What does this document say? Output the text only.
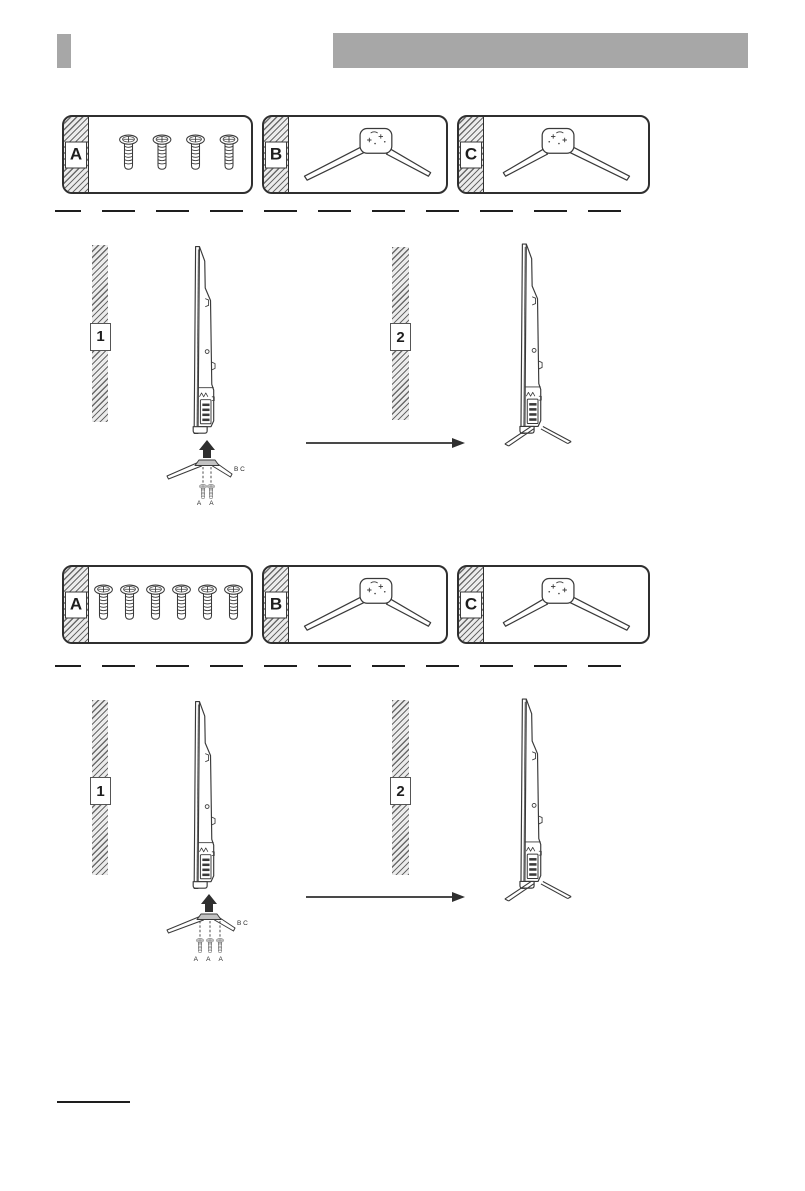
A	B	C
1
B C
A A
2
A	B	C
1
B C
A A A
2
